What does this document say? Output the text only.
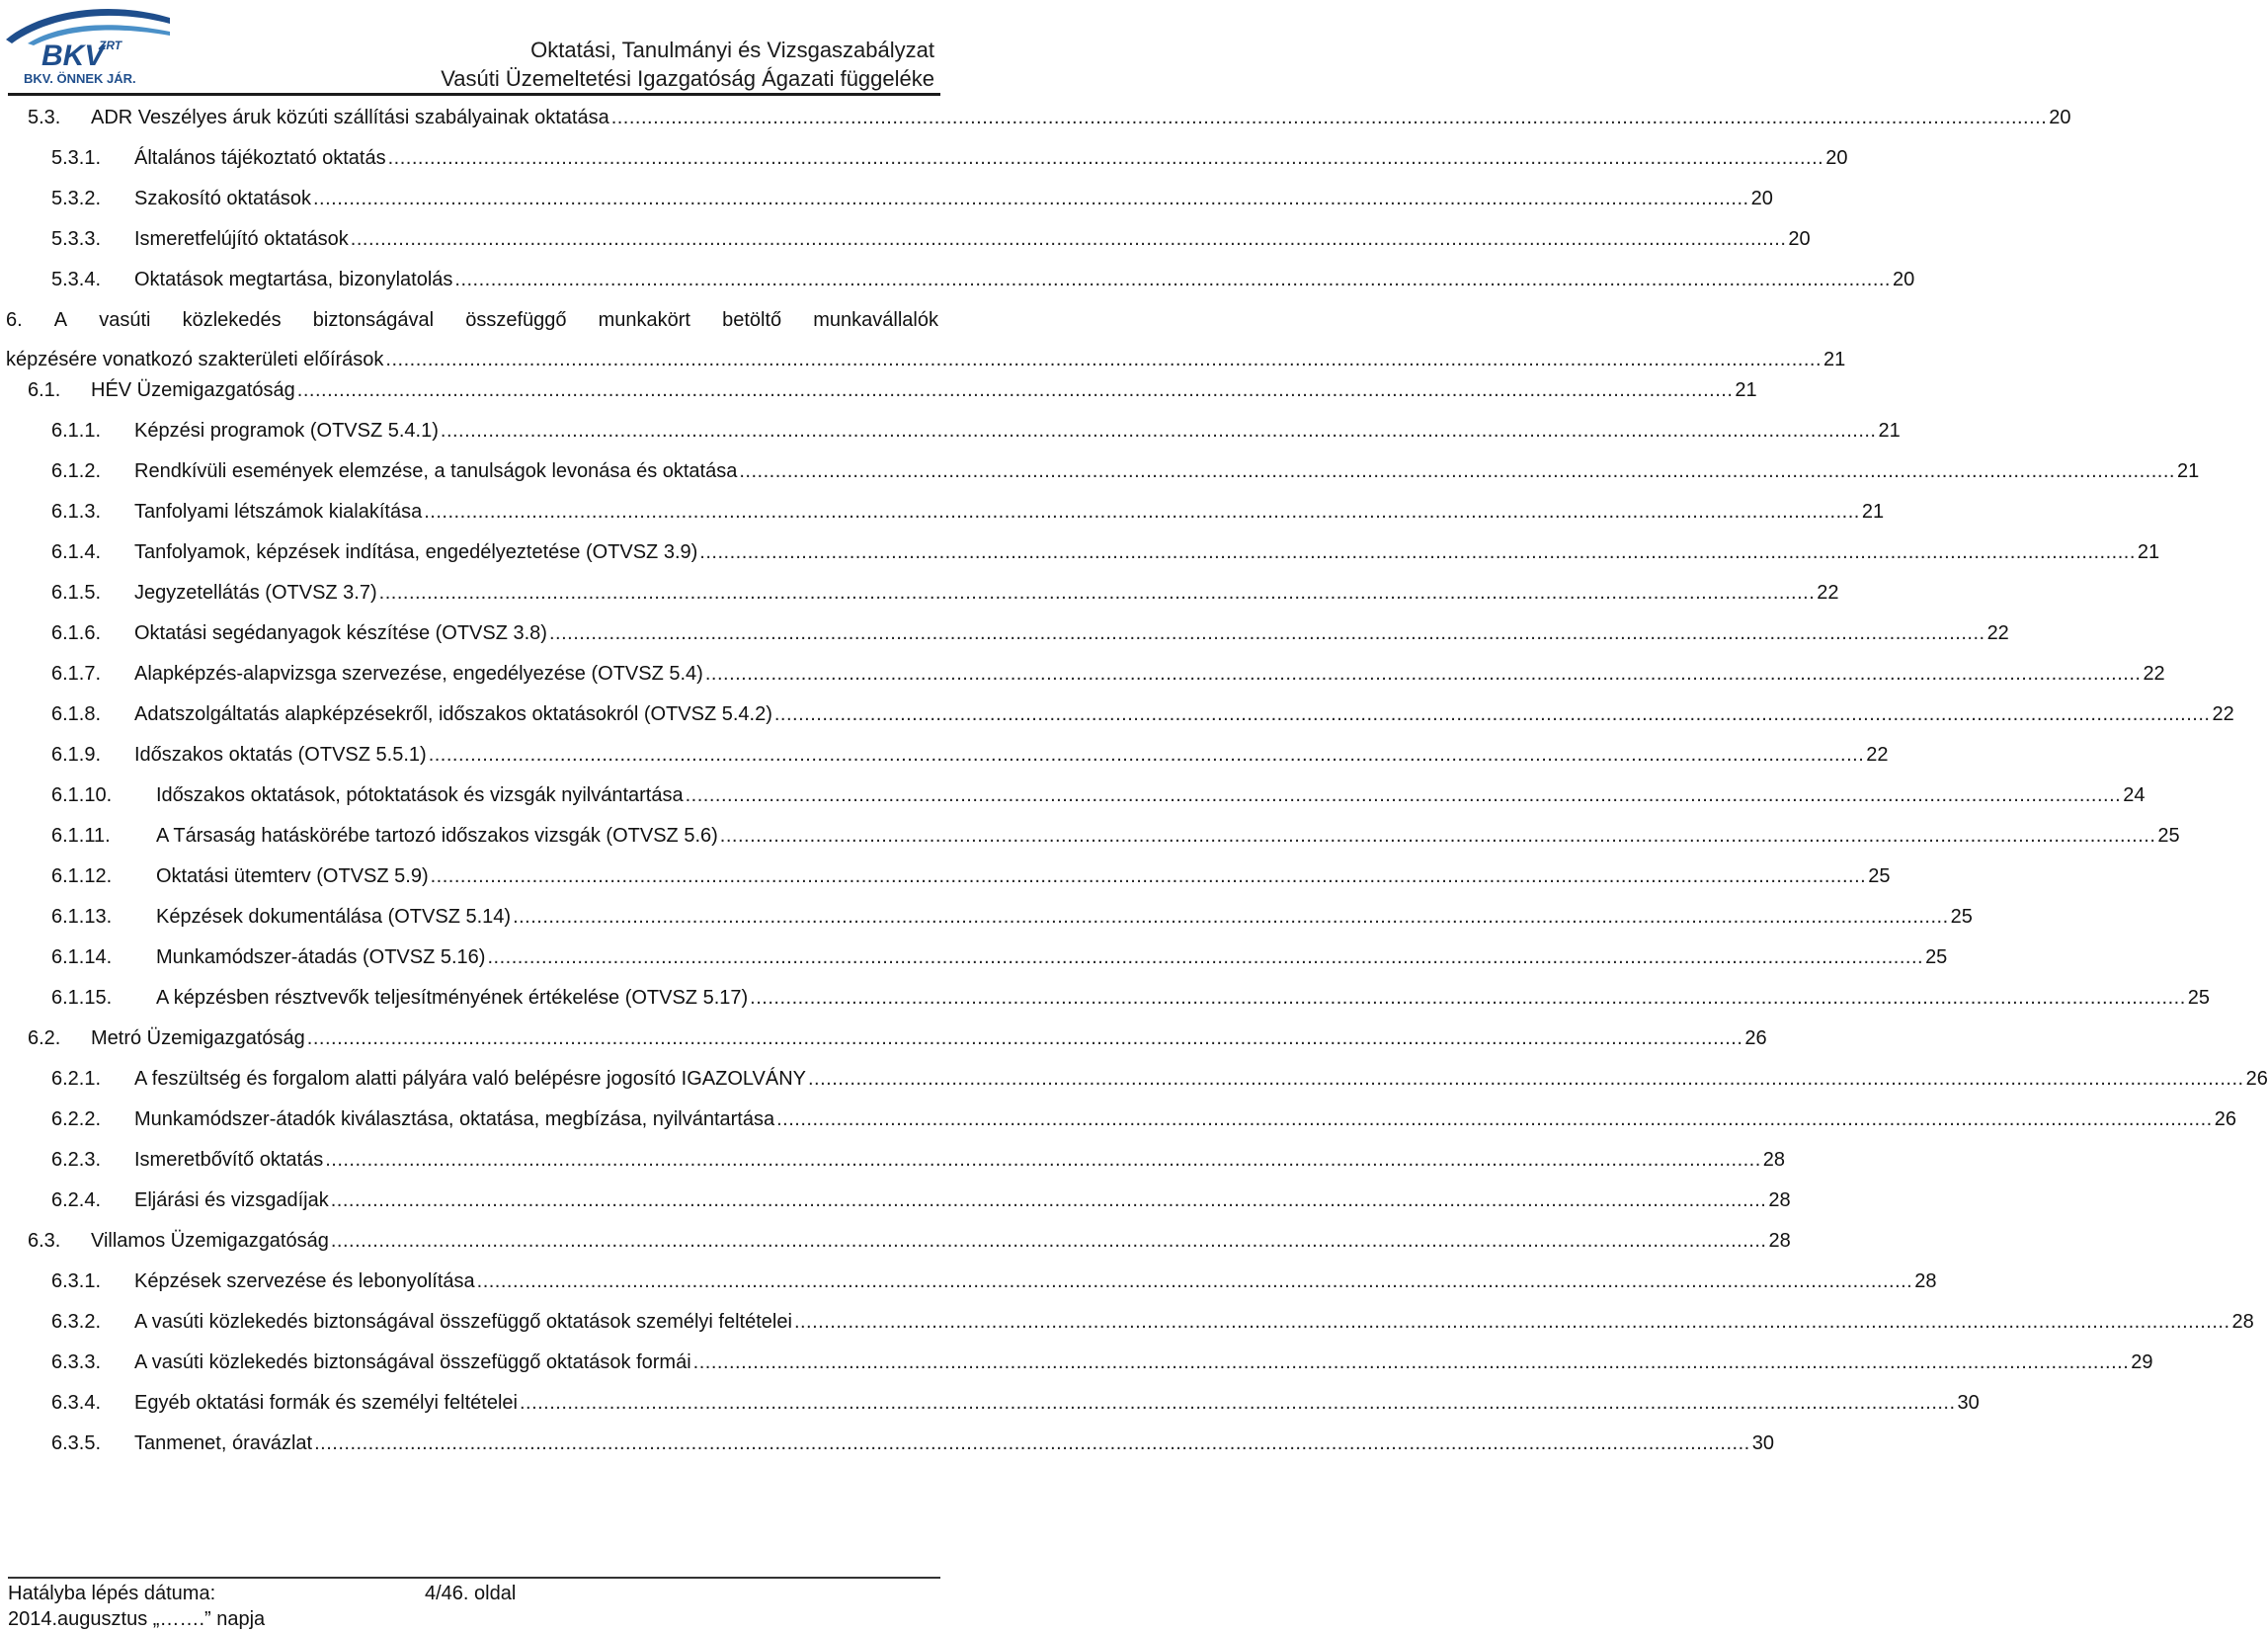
BKV
ZRT
BKV. ÖNNEK JÁR.
Oktatási, Tanulmányi és Vizsgaszabályzat
Vasúti Üzemeltetési Igazgatóság Ágazati függeléke
5.3.	ADR Veszélyes áruk közúti szállítási szabályainak oktatása .....	20
5.3.1.	Általános tájékoztató oktatás .....	20
5.3.2.	Szakosító oktatások .....	20
5.3.3.	Ismeretfelújító oktatások .....	20
5.3.4.	Oktatások megtartása, bizonylatolás .....	20
6. A vasúti közlekedés biztonságával összefüggő munkakört betöltő munkavállalók
képzésére vonatkozó szakterületi előírások .....	21
6.1.	HÉV Üzemigazgatóság .....	21
6.1.1.	Képzési programok (OTVSZ 5.4.1) .....	21
6.1.2.	Rendkívüli események elemzése, a tanulságok levonása és oktatása .....	21
6.1.3.	Tanfolyami létszámok kialakítása .....	21
6.1.4.	Tanfolyamok, képzések indítása, engedélyeztetése (OTVSZ 3.9) .....	21
6.1.5.	Jegyzetellátás (OTVSZ 3.7) .....	22
6.1.6.	Oktatási segédanyagok készítése (OTVSZ 3.8) .....	22
6.1.7.	Alapképzés-alapvizsga szervezése, engedélyezése (OTVSZ 5.4) .....	22
6.1.8.	Adatszolgáltatás alapképzésekről, időszakos oktatásokról (OTVSZ 5.4.2) .....	22
6.1.9.	Időszakos oktatás (OTVSZ 5.5.1) .....	22
6.1.10.	Időszakos oktatások, pótoktatások és vizsgák nyilvántartása .....	24
6.1.11.	A Társaság hatáskörébe tartozó időszakos vizsgák (OTVSZ 5.6) .....	25
6.1.12.	Oktatási ütemterv (OTVSZ 5.9) .....	25
6.1.13.	Képzések dokumentálása (OTVSZ 5.14) .....	25
6.1.14.	Munkamódszer-átadás (OTVSZ 5.16) .....	25
6.1.15.	A képzésben résztvevők teljesítményének értékelése (OTVSZ 5.17) .....	25
6.2.	Metró Üzemigazgatóság .....	26
6.2.1.	A feszültség és forgalom alatti pályára való belépésre jogosító IGAZOLVÁNY .....	26
6.2.2.	Munkamódszer-átadók kiválasztása, oktatása, megbízása, nyilvántartása .....	26
6.2.3.	Ismeretbővítő oktatás .....	28
6.2.4.	Eljárási és vizsgadíjak .....	28
6.3.	Villamos Üzemigazgatóság .....	28
6.3.1.	Képzések szervezése és lebonyolítása .....	28
6.3.2.	A vasúti közlekedés biztonságával összefüggő oktatások személyi feltételei .....	28
6.3.3.	A vasúti közlekedés biztonságával összefüggő oktatások formái .....	29
6.3.4.	Egyéb oktatási formák és személyi feltételei .....	30
6.3.5.	Tanmenet, óravázlat .....	30
Hatályba lépés dátuma:	4/46. oldal
2014.augusztus „…….” napja
